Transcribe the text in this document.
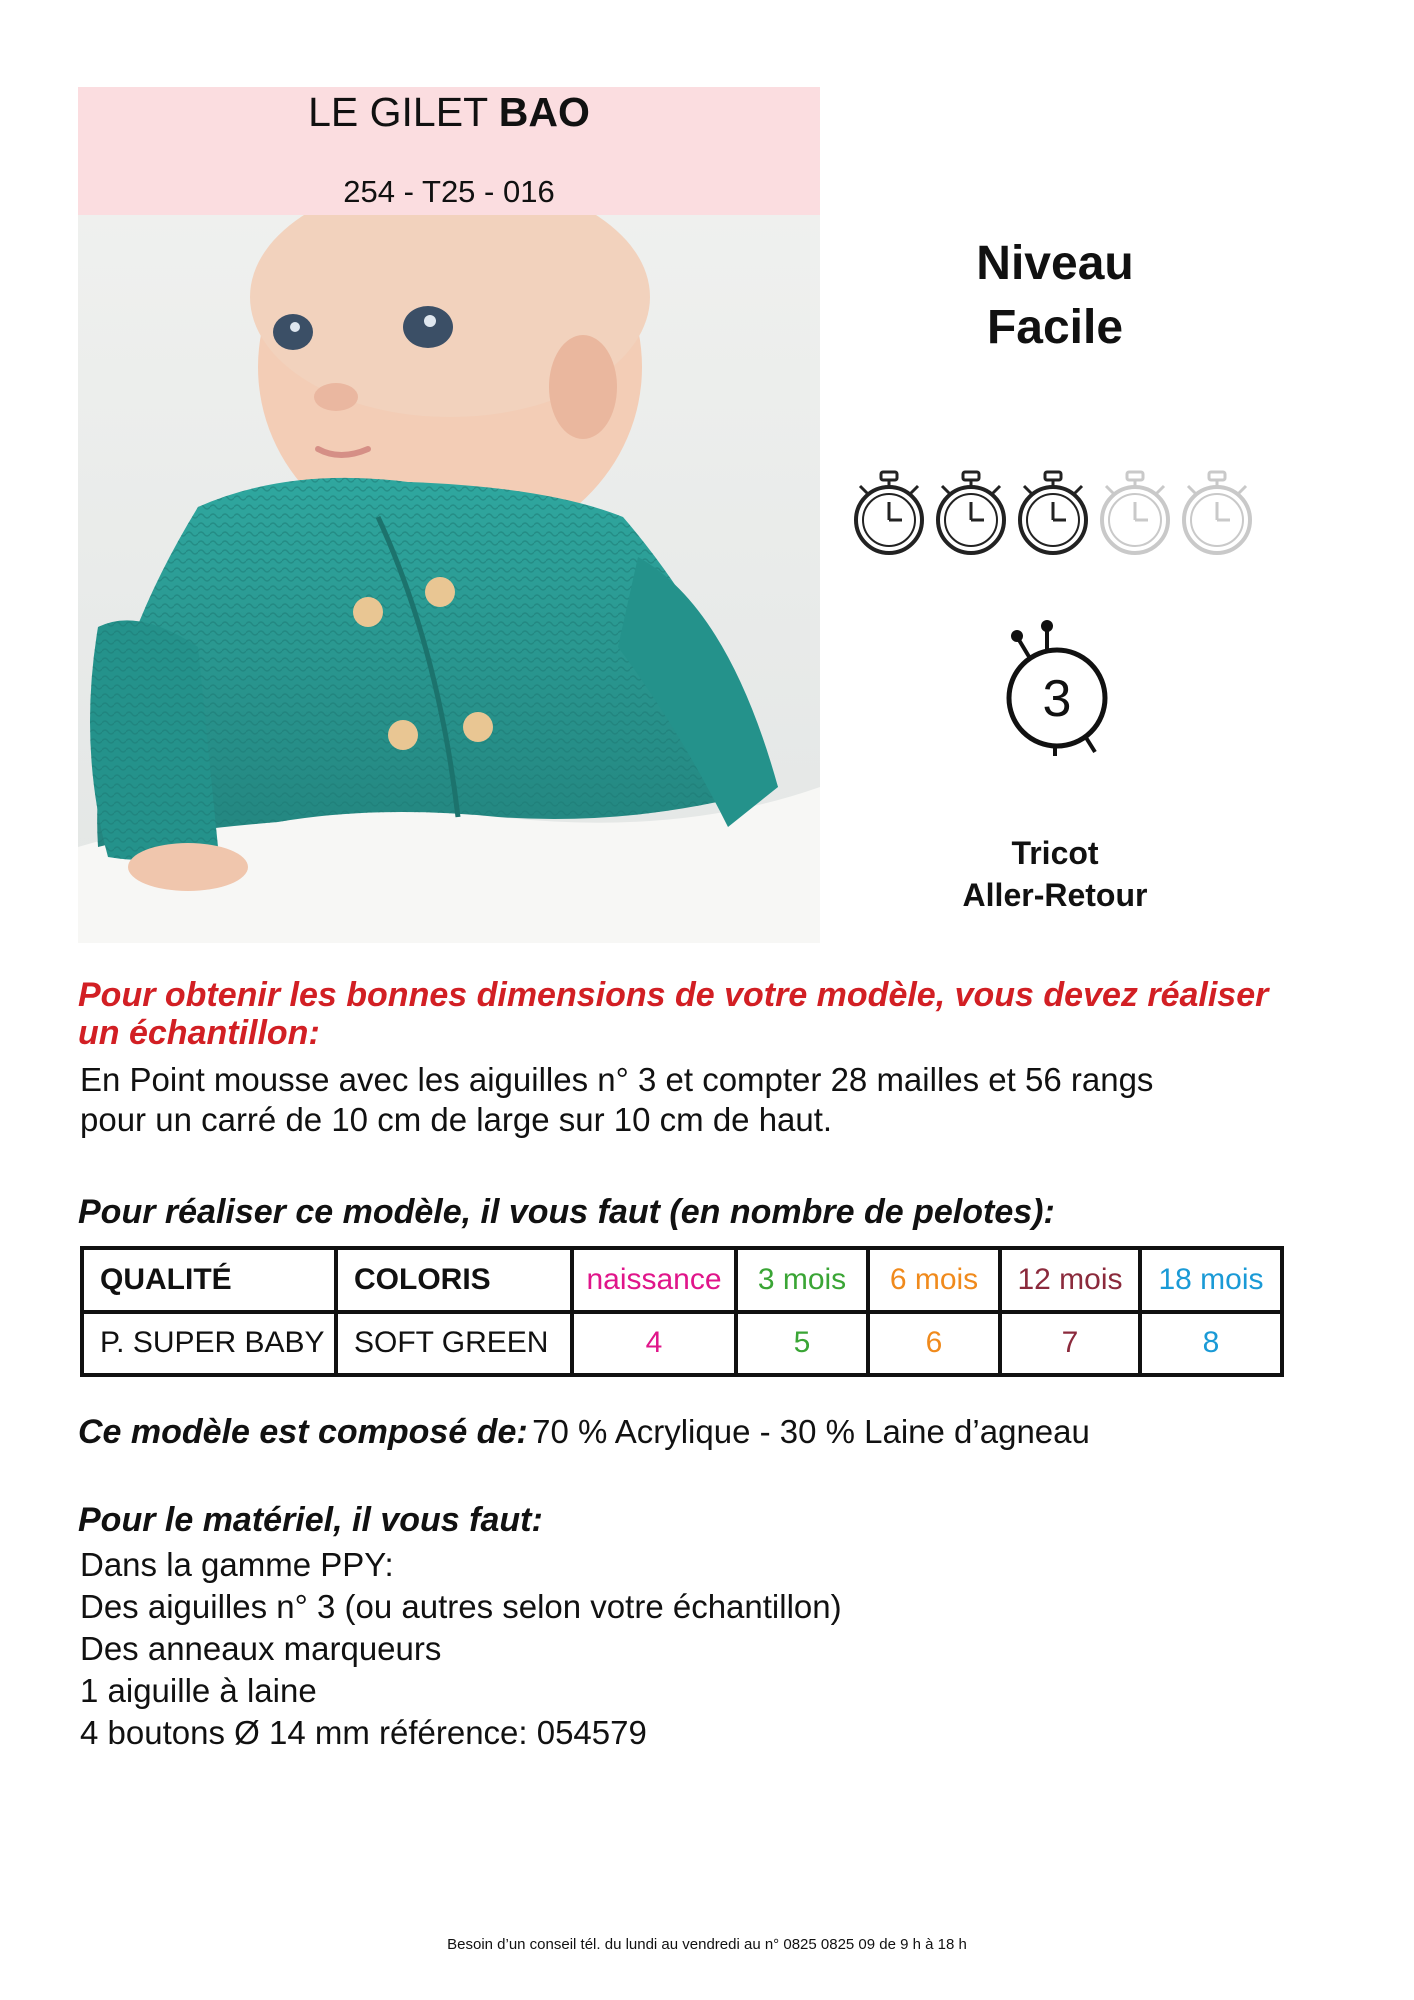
LE GILET BAO
254 - T25 - 016
Niveau
Facile
3
Tricot
Aller-Retour
Pour obtenir les bonnes dimensions de votre modèle, vous devez réaliser un échantillon:
En Point mousse avec les aiguilles n° 3 et compter 28 mailles et 56 rangs
pour un carré de 10 cm de large sur 10 cm de haut.
Pour réaliser ce modèle, il vous faut (en nombre de pelotes):
QUALITÉ	COLORIS	naissance	3 mois	6 mois	12 mois	18 mois
P. SUPER BABY	SOFT GREEN	4	5	6	7	8
Ce modèle est composé de: 70 % Acrylique - 30 % Laine d’agneau
Pour le matériel, il vous faut:
Dans la gamme PPY:
Des aiguilles n° 3 (ou autres selon votre échantillon)
Des anneaux marqueurs
1 aiguille à laine
4 boutons Ø 14 mm référence: 054579
Besoin d’un conseil tél. du lundi au vendredi au n° 0825 0825 09 de 9 h à 18 h
